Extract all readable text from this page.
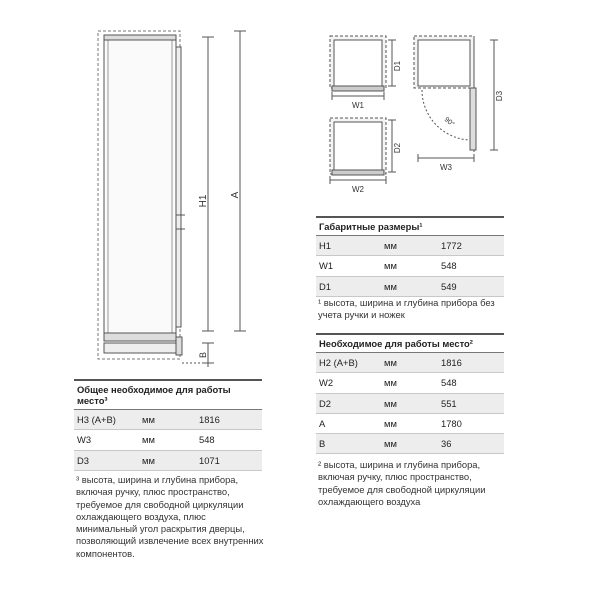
H1 A
B
W1
D1
W2
D2
W3
D3
90°
Габаритные размеры¹
H1	мм	1772
W1	мм	548
D1	мм	549
¹ высота, ширина и глубина прибора без учета ручки и ножек
Необходимое для работы место²
H2 (A+B)	мм	1816
W2	мм	548
D2	мм	551
A	мм	1780
B	мм	36
² высота, ширина и глубина прибора, включая ручку, плюс пространство, требуемое для свободной циркуляции охлаждающего воздуха
Общее необходимое для работы место³
H3 (A+B)	мм	1816
W3	мм	548
D3	мм	1071
³ высота, ширина и глубина прибора, включая ручку, плюс пространство, требуемое для свободной циркуляции охлаждающего воздуха, плюс минимальный угол раскрытия дверцы, позволяющий извлечение всех внутренних компонентов.
